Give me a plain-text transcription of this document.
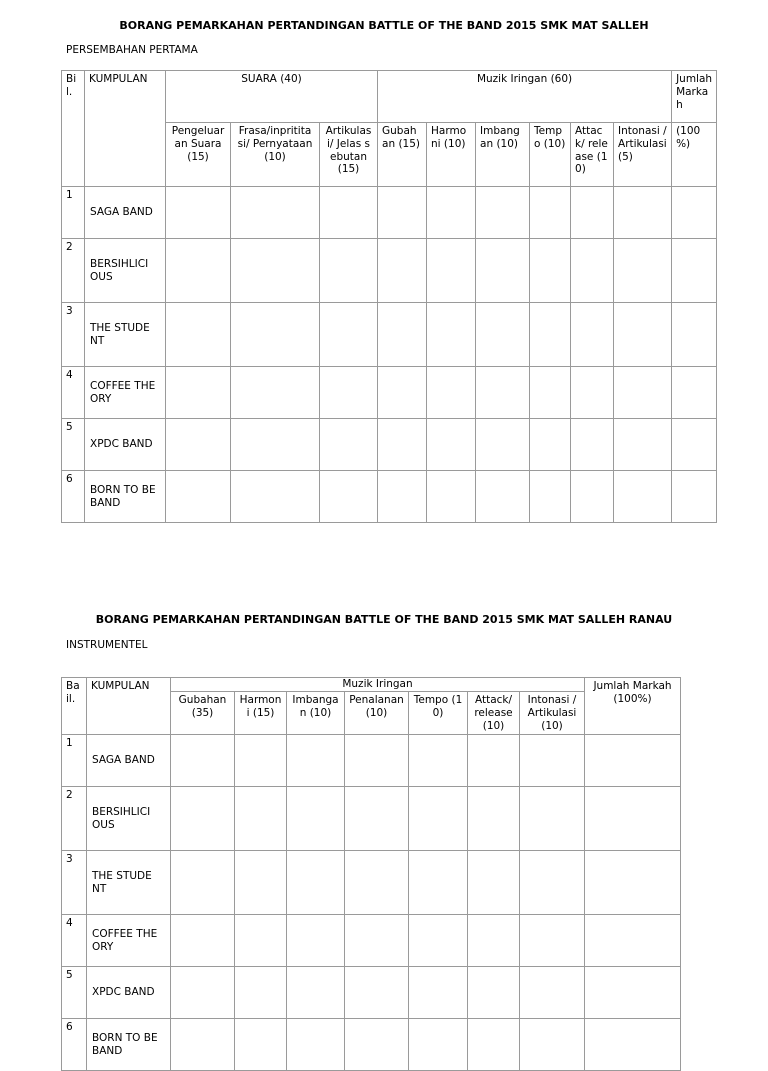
BORANG PEMARKAHAN PERTANDINGAN BATTLE OF THE BAND 2015 SMK MAT SALLEH
PERSEMBAHAN PERTAMA
Bil.	KUMPULAN	SUARA (40)			Muzik Iringan (60)						Jumlah Markah
		Pengeluaran Suara (15)	Frasa/inpritita si/ Pernyataan (10)	Artikulasi/ Jelas sebutan (15)	Gubahan (15)	Harmoni (10)	Imbangan (10)	Tempo (10)	Attack/ release (10)	Intonasi /Artikulasi (5)	(100 %)
1	SAGA BAND										

2	BERSIHLICIOUS										

3	THE STUDENT										

4	COFFEE THEORY										

5	XPDC BAND										

6	BORN TO BE BAND										

BORANG PEMARKAHAN PERTANDINGAN BATTLE OF THE BAND 2015 SMK MAT SALLEH RANAU
INSTRUMENTEL
Bail.	KUMPULAN	Muzik Iringan							Jumlah Markah (100%)
		Gubahan (35)	Harmoni (15)	Imbangan (10)	Penalanan (10)	Tempo (10)	Attack/ release (10)	Intonasi / Artikulasi (10)	
1	SAGA BAND								

2	BERSIHLICIOUS								

3	THE STUDENT								

4	COFFEE THEORY								

5	XPDC BAND								

6	BORN TO BE BAND								
